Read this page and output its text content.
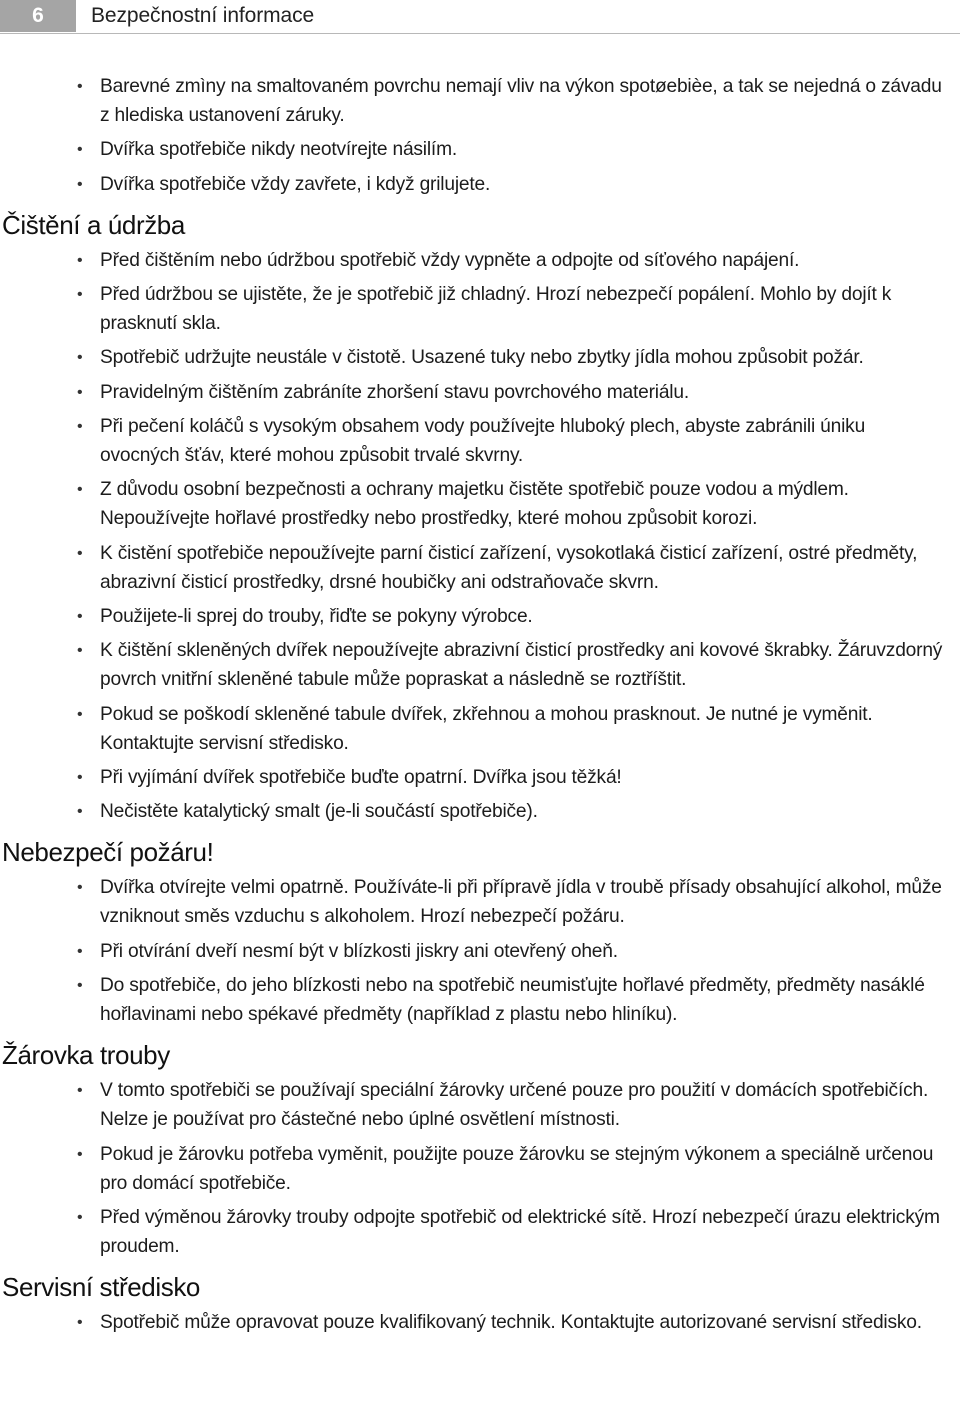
6	Bezpečnostní informace
• Barevné zmìny na smaltovaném povrchu nemají vliv na výkon spotøebièe, a tak se nejedná o závadu z hlediska ustanovení záruky.
• Dvířka spotřebiče nikdy neotvírejte násilím.
• Dvířka spotřebiče vždy zavřete, i když grilujete.
Čištění a údržba
• Před čištěním nebo údržbou spotřebič vždy vypněte a odpojte od síťového napájení.
• Před údržbou se ujistěte, že je spotřebič již chladný. Hrozí nebezpečí popálení. Mohlo by dojít k prasknutí skla.
• Spotřebič udržujte neustále v čistotě. Usazené tuky nebo zbytky jídla mohou způsobit požár.
• Pravidelným čištěním zabráníte zhoršení stavu povrchového materiálu.
• Při pečení koláčů s vysokým obsahem vody používejte hluboký plech, abyste zabránili úniku ovocných šťáv, které mohou způsobit trvalé skvrny.
• Z důvodu osobní bezpečnosti a ochrany majetku čistěte spotřebič pouze vodou a mýdlem. Nepoužívejte hořlavé prostředky nebo prostředky, které mohou způsobit korozi.
• K čistění spotřebiče nepoužívejte parní čisticí zařízení, vysokotlaká čisticí zařízení, ostré předměty, abrazivní čisticí prostředky, drsné houbičky ani odstraňovače skvrn.
• Použijete-li sprej do trouby, řiďte se pokyny výrobce.
• K čištění skleněných dvířek nepoužívejte abrazivní čisticí prostředky ani kovové škrabky. Žáruvzdorný povrch vnitřní skleněné tabule může popraskat a následně se roztříštit.
• Pokud se poškodí skleněné tabule dvířek, zkřehnou a mohou prasknout. Je nutné je vyměnit. Kontaktujte servisní středisko.
• Při vyjímání dvířek spotřebiče buďte opatrní. Dvířka jsou těžká!
• Nečistěte katalytický smalt (je-li součástí spotřebiče).
Nebezpečí požáru!
• Dvířka otvírejte velmi opatrně. Používáte-li při přípravě jídla v troubě přísady obsahující alkohol, může vzniknout směs vzduchu s alkoholem. Hrozí nebezpečí požáru.
• Při otvírání dveří nesmí být v blízkosti jiskry ani otevřený oheň.
• Do spotřebiče, do jeho blízkosti nebo na spotřebič neumisťujte hořlavé předměty, předměty nasáklé hořlavinami nebo spékavé předměty (například z plastu nebo hliníku).
Žárovka trouby
• V tomto spotřebiči se používají speciální žárovky určené pouze pro použití v domácích spotřebičích. Nelze je používat pro částečné nebo úplné osvětlení místnosti.
• Pokud je žárovku potřeba vyměnit, použijte pouze žárovku se stejným výkonem a speciálně určenou pro domácí spotřebiče.
• Před výměnou žárovky trouby odpojte spotřebič od elektrické sítě. Hrozí nebezpečí úrazu elektrickým proudem.
Servisní středisko
• Spotřebič může opravovat pouze kvalifikovaný technik. Kontaktujte autorizované servisní středisko.
